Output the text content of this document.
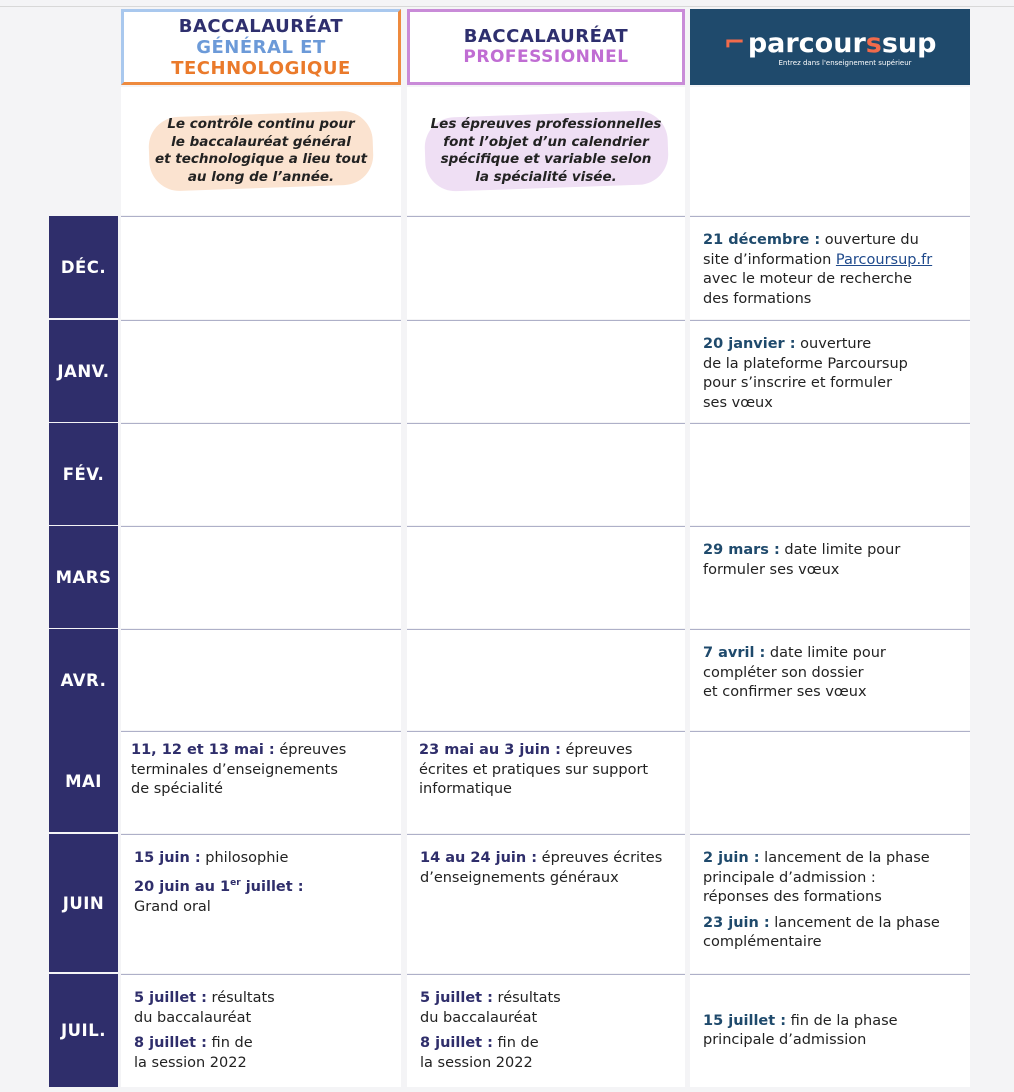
BACCALAURÉAT
GÉNÉRAL ET
TECHNOLOGIQUE
BACCALAURÉAT
PROFESSIONNEL	⌐ parcourssup
Entrez dans l'enseignement supérieur
Le contrôle continu pour
le baccalauréat général
et technologique a lieu tout
au long de l’année.
Les épreuves professionnelles
font l’objet d’un calendrier
spécifique et variable selon
la spécialité visée.
DÉC.
JANV.
FÉV.
MARS
AVR.
MAI
JUIN
JUIL.
21 décembre : ouverture du
site d’information Parcoursup.fr
avec le moteur de recherche
des formations
20 janvier : ouverture
de la plateforme Parcoursup
pour s’inscrire et formuler
ses vœux
29 mars : date limite pour
formuler ses vœux
7 avril : date limite pour
compléter son dossier
et confirmer ses vœux
11, 12 et 13 mai : épreuves
terminales d’enseignements
de spécialité
23 mai au 3 juin : épreuves
écrites et pratiques sur support
informatique
15 juin : philosophie
20 juin au 1er juillet :
Grand oral
14 au 24 juin : épreuves écrites
d’enseignements généraux
2 juin : lancement de la phase
principale d’admission :
réponses des formations
23 juin : lancement de la phase
complémentaire
5 juillet : résultats
du baccalauréat
8 juillet : fin de
la session 2022
5 juillet : résultats
du baccalauréat
8 juillet : fin de
la session 2022
15 juillet : fin de la phase
principale d’admission
